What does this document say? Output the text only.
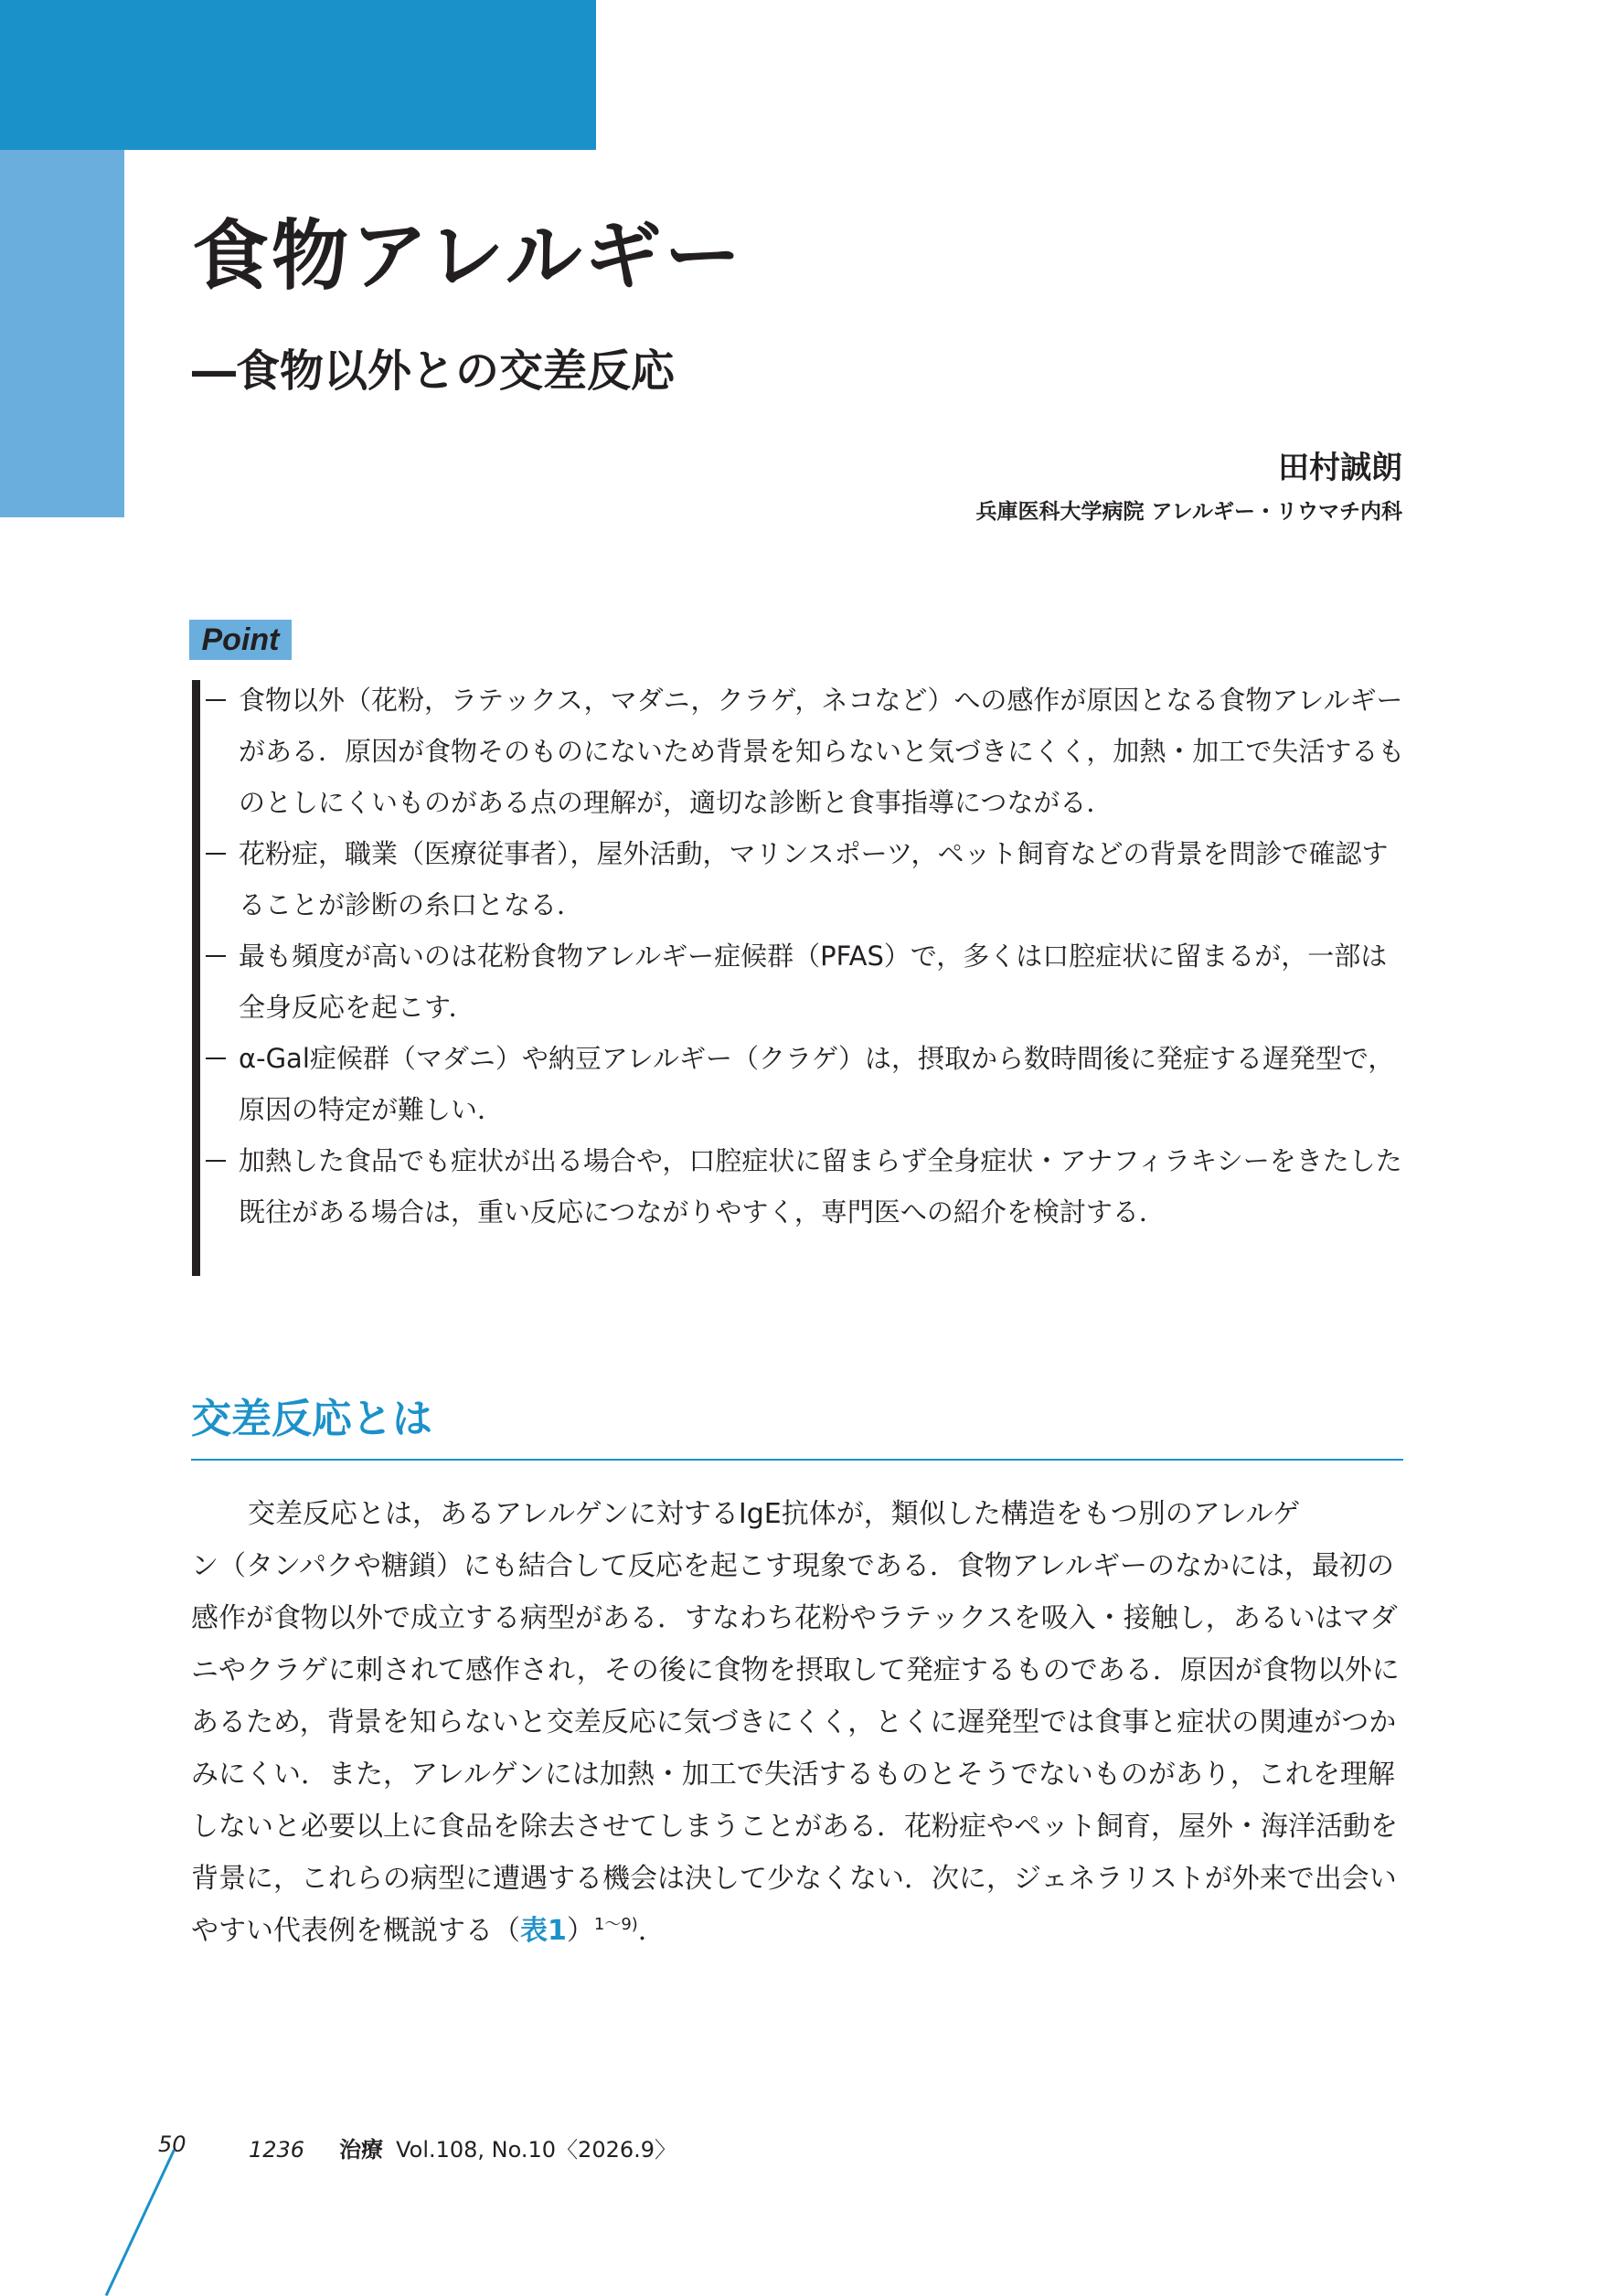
食物アレルギー
―食物以外との交差反応
田村誠朗
兵庫医科大学病院 アレルギー・リウマチ内科
Point
食物以外（花粉，ラテックス，マダニ，クラゲ，ネコなど）への感作が原因となる食物アレルギーがある．原因が食物そのものにないため背景を知らないと気づきにくく，加熱・加工で失活するものとしにくいものがある点の理解が，適切な診断と食事指導につながる．
花粉症，職業（医療従事者），屋外活動，マリンスポーツ，ペット飼育などの背景を問診で確認することが診断の糸口となる．
最も頻度が高いのは花粉食物アレルギー症候群（PFAS）で，多くは口腔症状に留まるが，一部は全身反応を起こす．
α-Gal症候群（マダニ）や納豆アレルギー（クラゲ）は，摂取から数時間後に発症する遅発型で，原因の特定が難しい．
加熱した食品でも症状が出る場合や，口腔症状に留まらず全身症状・アナフィラキシーをきたした既往がある場合は，重い反応につながりやすく，専門医への紹介を検討する．
交差反応とは

交差反応とは，あるアレルゲンに対するIgE抗体が，類似した構造をもつ別のアレルゲ
ン（タンパクや糖鎖）にも結合して反応を起こす現象である．食物アレルギーのなかには，最初の感作が食物以外で成立する病型がある．すなわち花粉やラテックスを吸入・接触し，あるいはマダニやクラゲに刺されて感作され，その後に食物を摂取して発症するものである．原因が食物以外にあるため，背景を知らないと交差反応に気づきにくく，とくに遅発型では食事と症状の関連がつかみにくい．また，アレルゲンには加熱・加工で失活するものとそうでないものがあり，これを理解しないと必要以上に食品を除去させてしまうことがある．花粉症やペット飼育，屋外・海洋活動を背景に，これらの病型に遭遇する機会は決して少なくない．次に，ジェネラリストが外来で出会いやすい代表例を概説する（表1）$^{1〜9)}$．

50	1236 治療 Vol.108, No.10〈2026.9〉
